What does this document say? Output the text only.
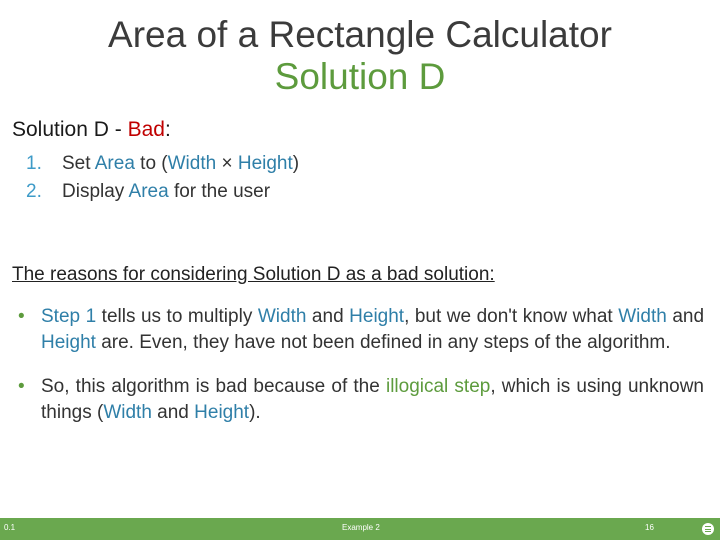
Area of a Rectangle Calculator
Solution D
Solution D - Bad:
1. Set Area to (Width × Height)
2. Display Area for the user
The reasons for considering Solution D as a bad solution:
• Step 1 tells us to multiply Width and Height, but we don't know what Width and Height are. Even, they have not been defined in any steps of the algorithm.
• So, this algorithm is bad because of the illogical step, which is using unknown things (Width and Height).
0.1	Example 2	16
